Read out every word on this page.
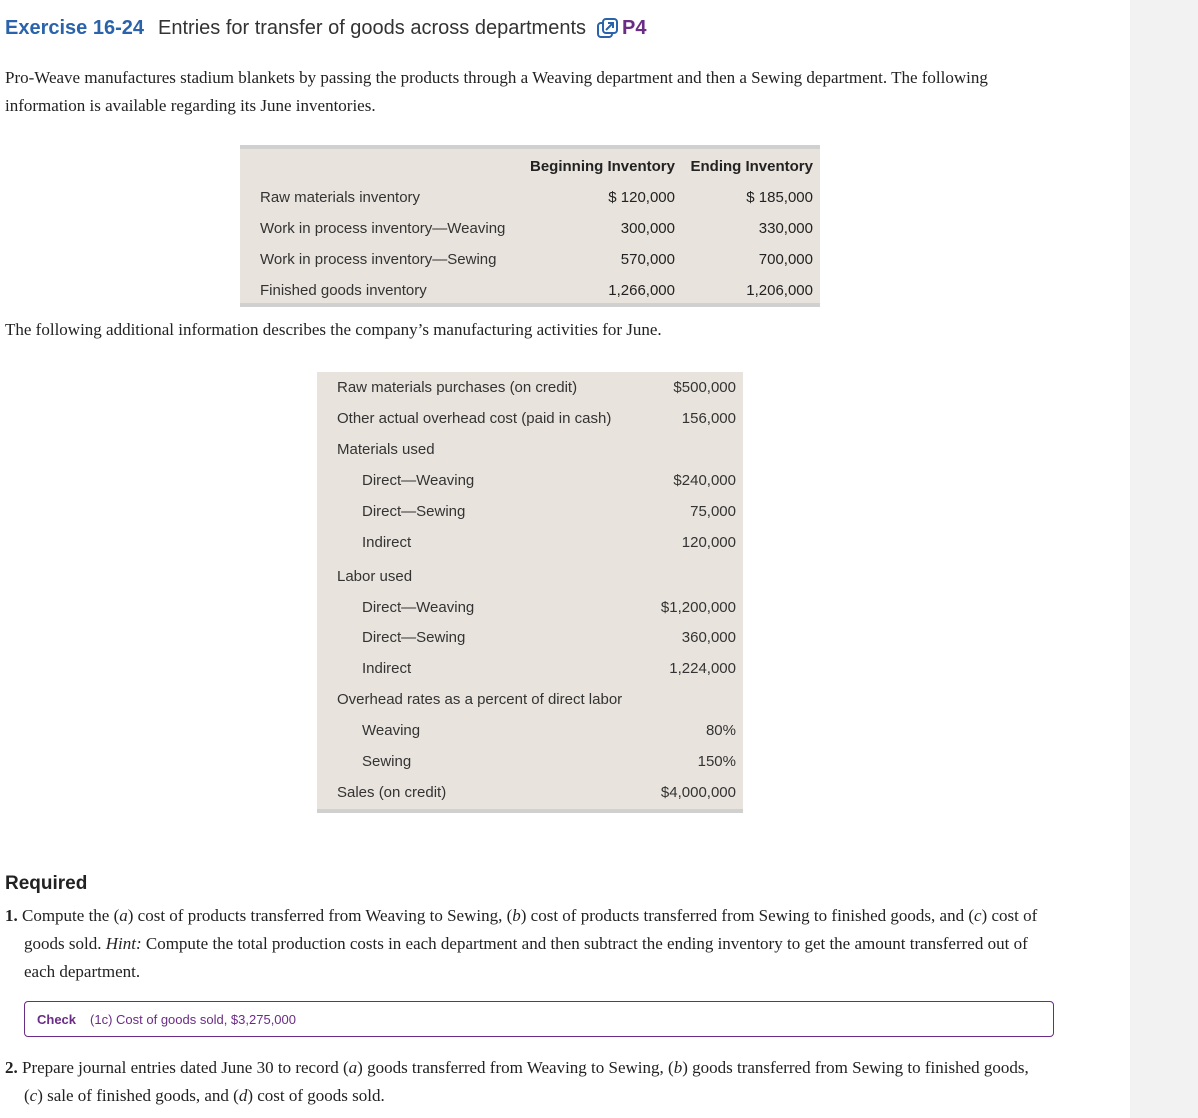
Exercise 16-24 Entries for transfer of goods across departments P4
Pro-Weave manufactures stadium blankets by passing the products through a Weaving department and then a Sewing department. The following information is available regarding its June inventories.
Beginning Inventory Ending Inventory
Raw materials inventory	$ 120,000	$ 185,000
Work in process inventory—Weaving	300,000	330,000
Work in process inventory—Sewing	570,000	700,000
Finished goods inventory	1,266,000	1,206,000
The following additional information describes the company’s manufacturing activities for June.
Raw materials purchases (on credit)	$500,000
Other actual overhead cost (paid in cash)	156,000
Materials used
Direct—Weaving	$240,000
Direct—Sewing	75,000
Indirect	120,000
Labor used
Direct—Weaving	$1,200,000
Direct—Sewing	360,000
Indirect	1,224,000
Overhead rates as a percent of direct labor
Weaving	80%
Sewing	150%
Sales (on credit)	$4,000,000
Required
1. Compute the (a) cost of products transferred from Weaving to Sewing, (b) cost of products transferred from Sewing to finished goods, and (c) cost of goods sold. Hint: Compute the total production costs in each department and then subtract the ending inventory to get the amount transferred out of each department.
Check (1c) Cost of goods sold, $3,275,000
2. Prepare journal entries dated June 30 to record (a) goods transferred from Weaving to Sewing, (b) goods transferred from Sewing to finished goods, (c) sale of finished goods, and (d) cost of goods sold.
